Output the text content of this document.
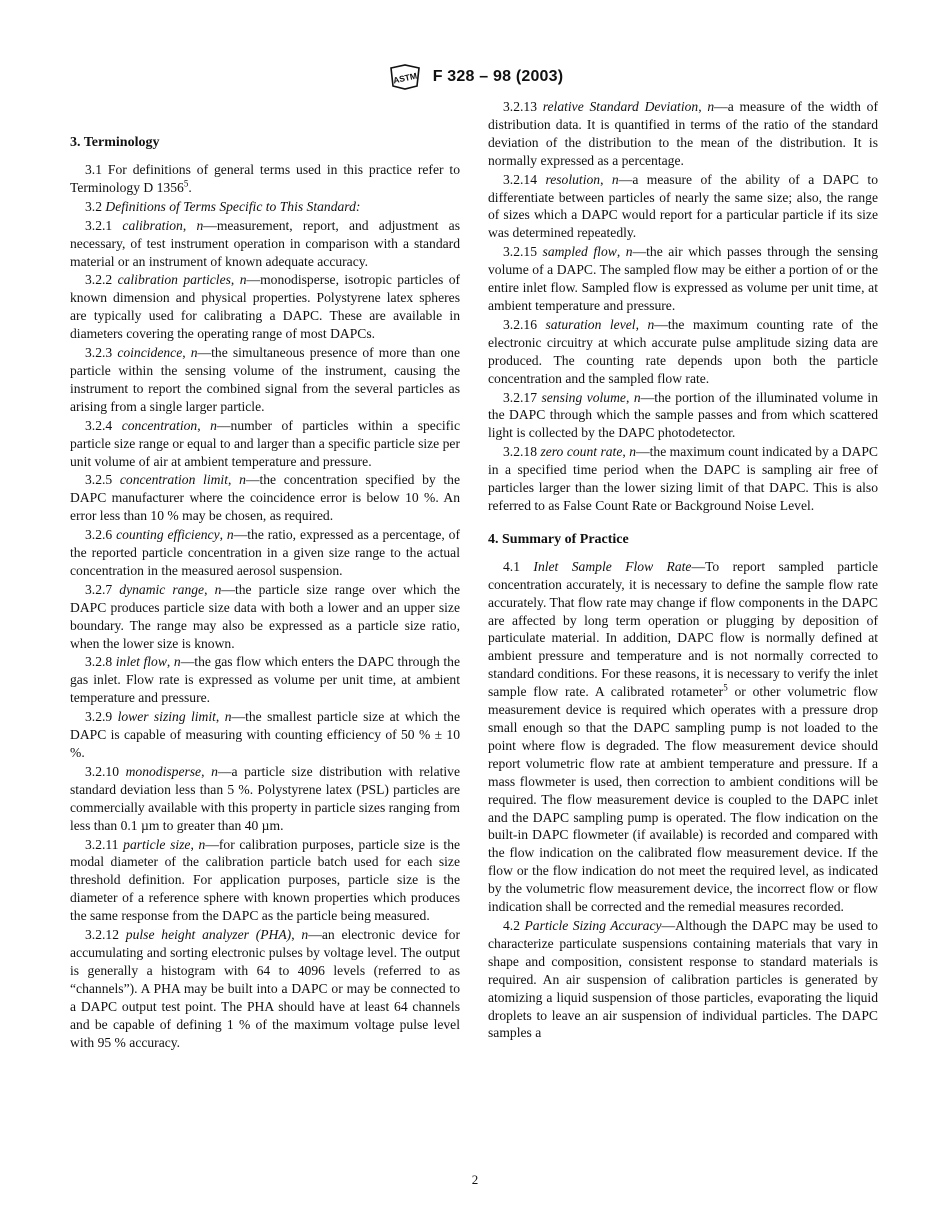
ASTM F 328 – 98 (2003)
3. Terminology

3.1 For definitions of general terms used in this practice refer to Terminology D 1356$^5$.

3.2 Definitions of Terms Specific to This Standard:

3.2.1 calibration, n—measurement, report, and adjustment as necessary, of test instrument operation in comparison with a standard material or an instrument of known adequate accuracy.

3.2.2 calibration particles, n—monodisperse, isotropic particles of known dimension and physical properties. Polystyrene latex spheres are typically used for calibrating a DAPC. These are available in diameters covering the operating range of most DAPCs.

3.2.3 coincidence, n—the simultaneous presence of more than one particle within the sensing volume of the instrument, causing the instrument to report the combined signal from the several particles as arising from a single larger particle.

3.2.4 concentration, n—number of particles within a specific particle size range or equal to and larger than a specific particle size per unit volume of air at ambient temperature and pressure.

3.2.5 concentration limit, n—the concentration specified by the DAPC manufacturer where the coincidence error is below 10 %. An error less than 10 % may be chosen, as required.

3.2.6 counting efficiency, n—the ratio, expressed as a percentage, of the reported particle concentration in a given size range to the actual concentration in the measured aerosol suspension.

3.2.7 dynamic range, n—the particle size range over which the DAPC produces particle size data with both a lower and an upper size boundary. The range may also be expressed as a particle size ratio, when the lower size is known.

3.2.8 inlet flow, n—the gas flow which enters the DAPC through the gas inlet. Flow rate is expressed as volume per unit time, at ambient temperature and pressure.

3.2.9 lower sizing limit, n—the smallest particle size at which the DAPC is capable of measuring with counting efficiency of 50 % ± 10 %.

3.2.10 monodisperse, n—a particle size distribution with relative standard deviation less than 5 %. Polystyrene latex (PSL) particles are commercially available with this property in particle sizes ranging from less than 0.1 µm to greater than 40 µm.

3.2.11 particle size, n—for calibration purposes, particle size is the modal diameter of the calibration particle batch used for each size threshold definition. For application purposes, particle size is the diameter of a reference sphere with known properties which produces the same response from the DAPC as the particle being measured.

3.2.12 pulse height analyzer (PHA), n—an electronic device for accumulating and sorting electronic pulses by voltage level. The output is generally a histogram with 64 to 4096 levels (referred to as “channels”). A PHA may be built into a DAPC or may be connected to a DAPC output test point. The PHA should have at least 64 channels and be capable of defining 1 % of the maximum voltage pulse level with 95 % accuracy.

3.2.13 relative Standard Deviation, n—a measure of the width of distribution data. It is quantified in terms of the ratio of the standard deviation of the distribution to the mean of the distribution. It is normally expressed as a percentage.

3.2.14 resolution, n—a measure of the ability of a DAPC to differentiate between particles of nearly the same size; also, the range of sizes which a DAPC would report for a particular particle if its size was determined repeatedly.

3.2.15 sampled flow, n—the air which passes through the sensing volume of a DAPC. The sampled flow may be either a portion of or the entire inlet flow. Sampled flow is expressed as volume per unit time, at ambient temperature and pressure.

3.2.16 saturation level, n—the maximum counting rate of the electronic circuitry at which accurate pulse amplitude sizing data are produced. The counting rate depends upon both the particle concentration and the sampled flow rate.

3.2.17 sensing volume, n—the portion of the illuminated volume in the DAPC through which the sample passes and from which scattered light is collected by the DAPC photodetector.

3.2.18 zero count rate, n—the maximum count indicated by a DAPC in a specified time period when the DAPC is sampling air free of particles larger than the lower sizing limit of that DAPC. This is also referred to as False Count Rate or Background Noise Level.

4. Summary of Practice

4.1 Inlet Sample Flow Rate—To report sampled particle concentration accurately, it is necessary to define the sample flow rate accurately. That flow rate may change if flow components in the DAPC are affected by long term operation or plugging by deposition of particulate material. In addition, DAPC flow is normally defined at ambient pressure and temperature and is not normally corrected to standard conditions. For these reasons, it is necessary to verify the inlet sample flow rate. A calibrated rotameter$^5$ or other volumetric flow measurement device is required which operates with a pressure drop small enough so that the DAPC sampling pump is not loaded to the point where flow is degraded. The flow measurement device should report volumetric flow rate at ambient temperature and pressure. If a mass flowmeter is used, then correction to ambient conditions will be required. The flow measurement device is coupled to the DAPC inlet and the DAPC sampling pump is operated. The flow indication on the built-in DAPC flowmeter (if available) is recorded and compared with the flow indication on the calibrated flow measurement device. If the flow or the flow indication do not meet the required level, as indicated by the volumetric flow measurement device, the incorrect flow or flow indication shall be corrected and the remedial measures recorded.

4.2 Particle Sizing Accuracy—Although the DAPC may be used to characterize particulate suspensions containing materials that vary in shape and composition, consistent response to standard materials is required. An air suspension of calibration particles is generated by atomizing a liquid suspension of those particles, evaporating the liquid droplets to leave an air suspension of individual particles. The DAPC samples a

2
